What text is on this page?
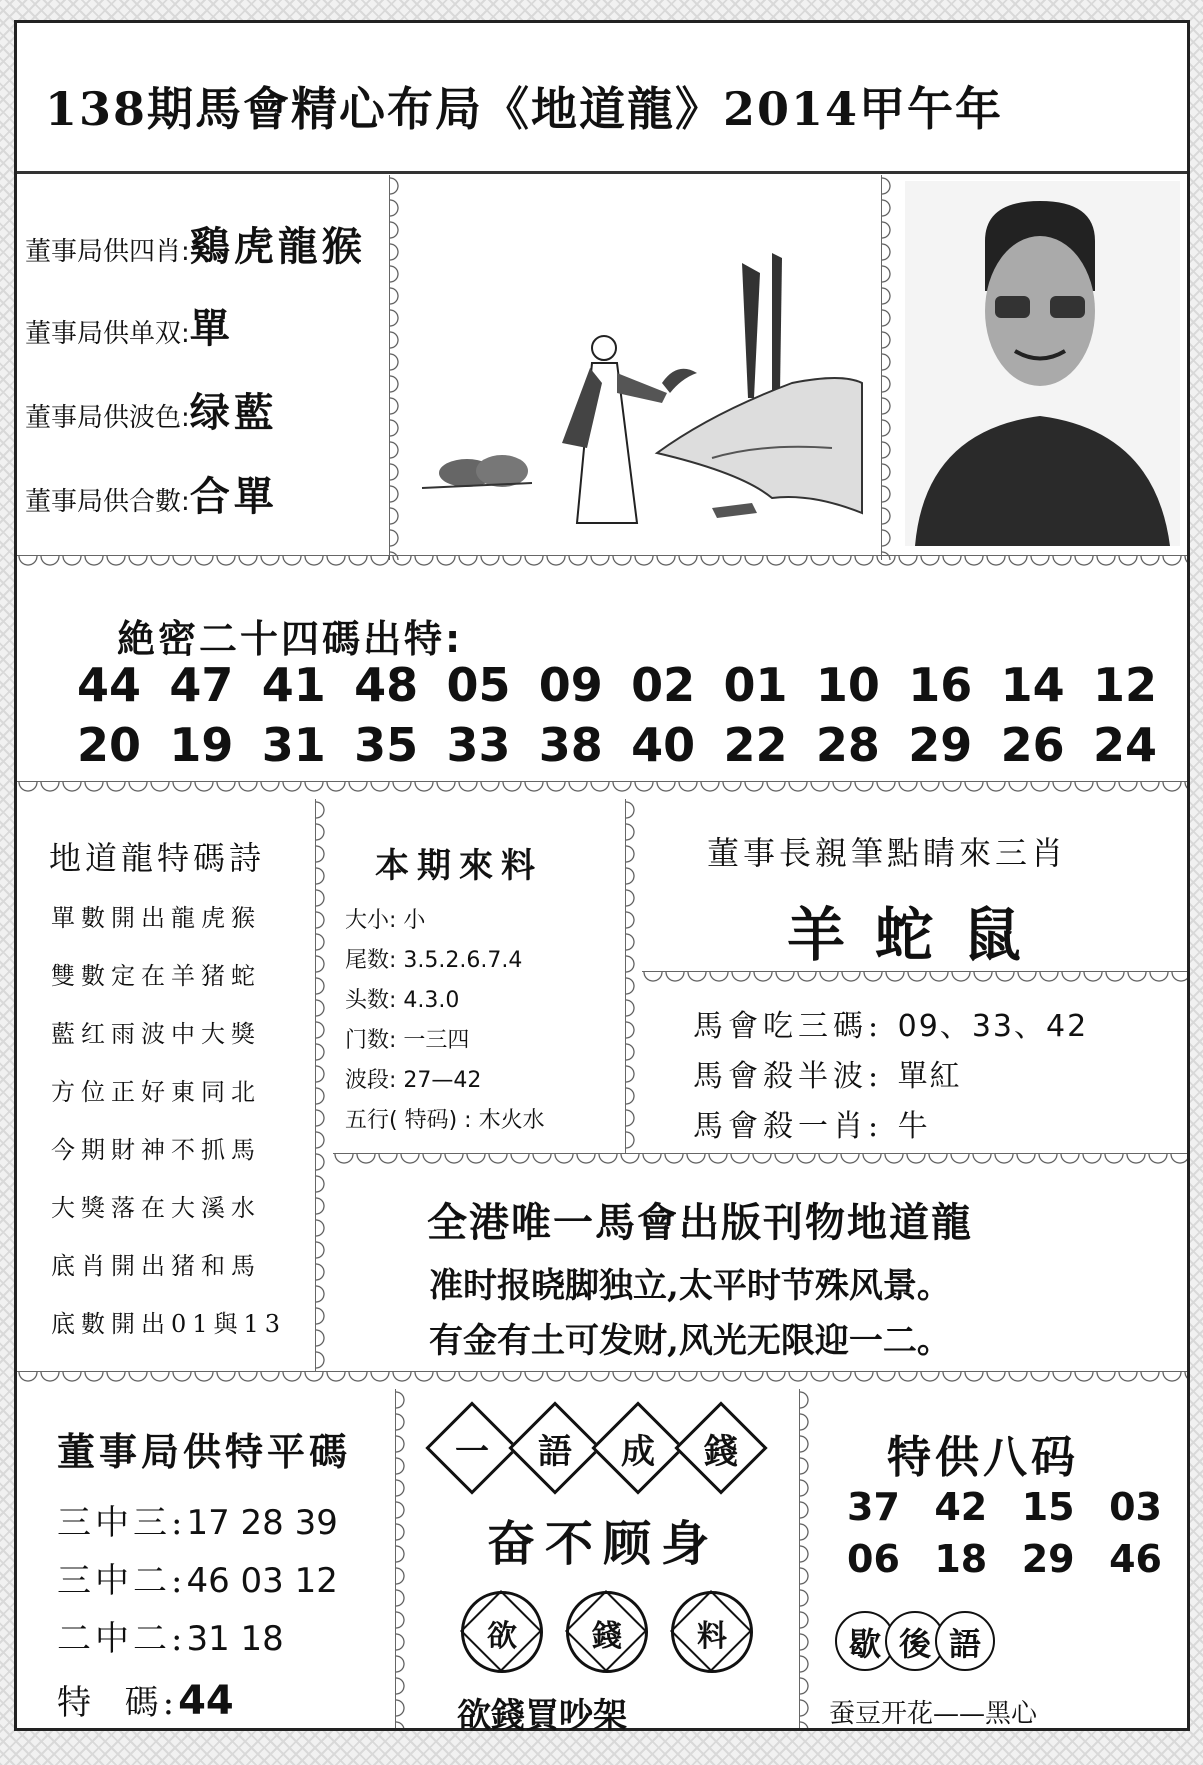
138期馬會精心布局《地道龍》2014甲午年
董事局供四肖:鷄虎龍猴
董事局供单双:單
董事局供波色:绿藍
董事局供合數:合單
絶密二十四碼出特:
44 47 41 48 05 09 02 01 10 16 14 12
20 19 31 35 33 38 40 22 28 29 26 24
地道龍特碼詩
單數開出龍虎猴
雙數定在羊猪蛇
藍红雨波中大獎
方位正好東同北
今期財神不抓馬
大獎落在大溪水
底肖開出猪和馬
底數開出01與13
本期來料
大小: 小
尾数: 3.5.2.6.7.4
头数: 4.3.0
门数: 一三四
波段: 27—42
五行( 特码) : 木火水
董事長親筆點睛來三肖
羊蛇鼠
馬會吃三碼: 09、33、42
馬會殺半波: 單紅
馬會殺一肖: 牛
全港唯一馬會出版刊物地道龍
准时报晓脚独立,太平时节殊风景。
有金有土可发财,风光无限迎一二。
董事局供特平碼
三中三:17 28 39
三中二:46 03 12
二中二:31 18
特  碼:44
一	語	成	錢
奋不顾身
欲	錢	料
欲錢買吵架
特供八码
37 42 15 03
06 18 29 46
歇 後 語
蚕豆开花——黑心
